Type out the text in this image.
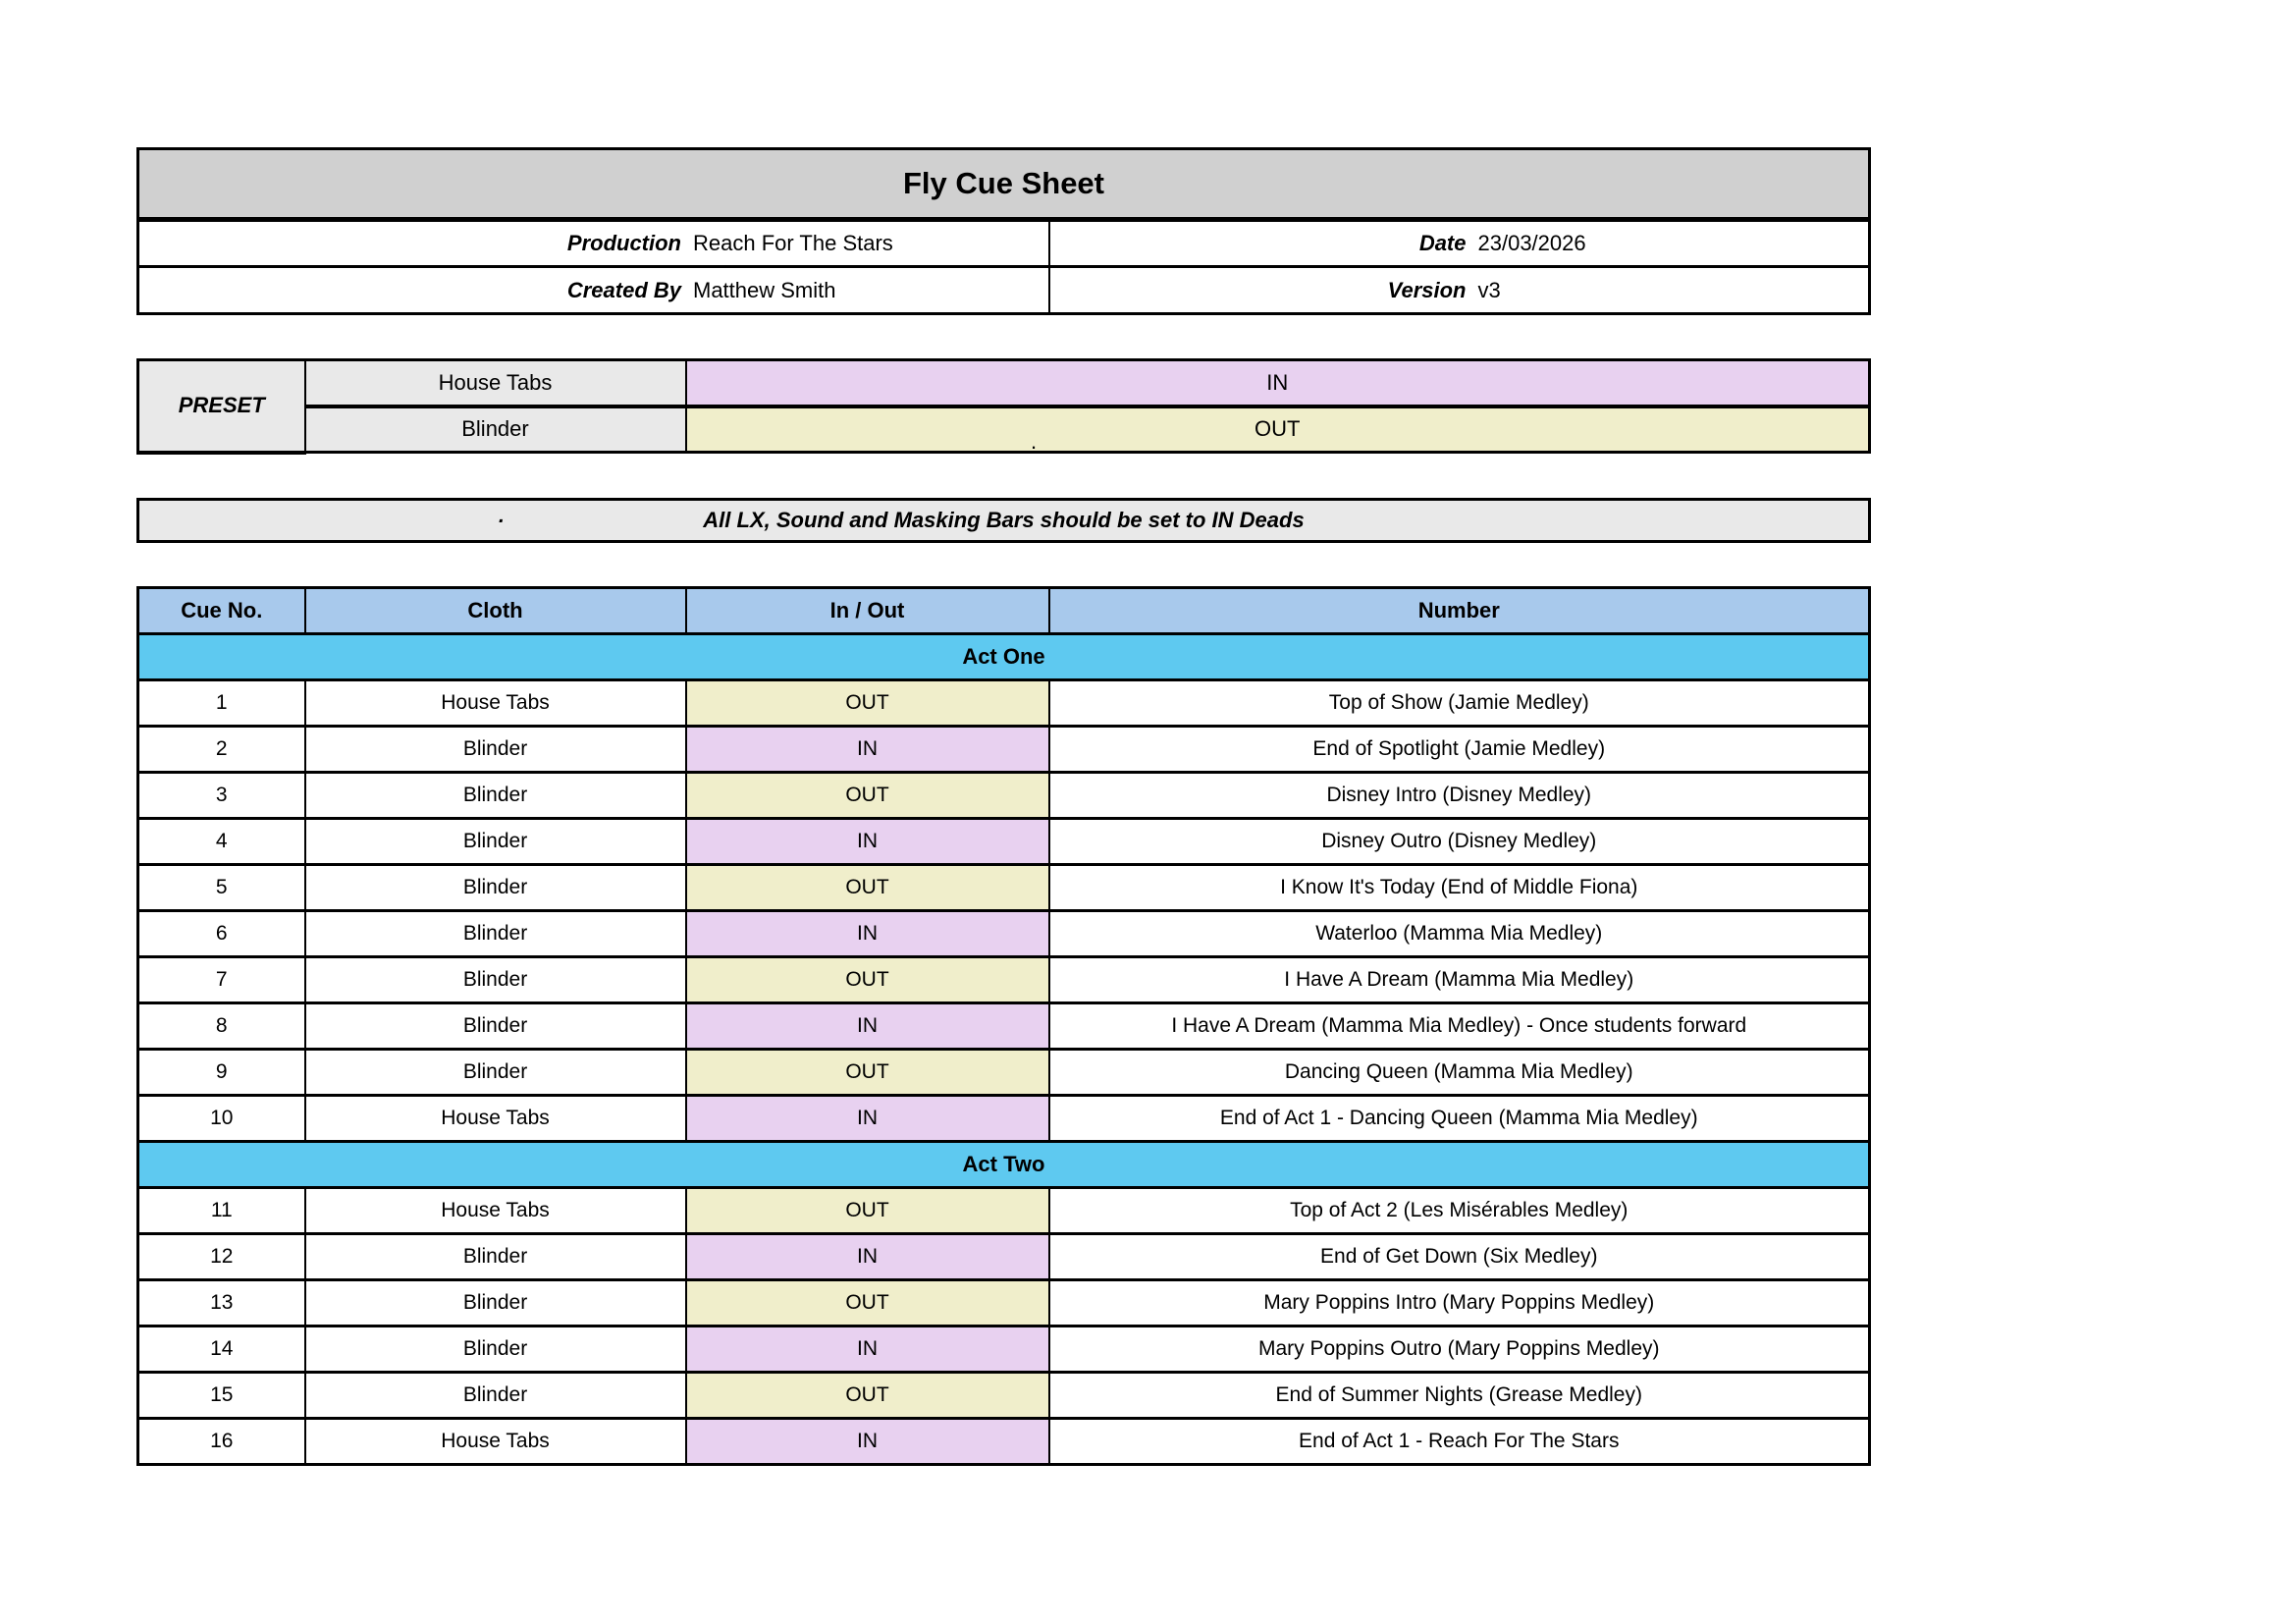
Fly Cue Sheet	

Production Reach For The Stars	Date 23/03/2026

Created By Matthew Smith	Version v3
PRESET	House Tabs	IN
	Blinder	OUT
.
.	All LX, Sound and Masking Bars should be set to IN Deads
Cue No.	Cloth	In / Out	Number
Act One			
1	House Tabs	OUT	Top of Show (Jamie Medley)
2	Blinder	IN	End of Spotlight (Jamie Medley)
3	Blinder	OUT	Disney Intro (Disney Medley)
4	Blinder	IN	Disney Outro (Disney Medley)
5	Blinder	OUT	I Know It's Today (End of Middle Fiona)
6	Blinder	IN	Waterloo (Mamma Mia Medley)
7	Blinder	OUT	I Have A Dream (Mamma Mia Medley)
8	Blinder	IN	I Have A Dream (Mamma Mia Medley) - Once students forward
9	Blinder	OUT	Dancing Queen (Mamma Mia Medley)
10	House Tabs	IN	End of Act 1 - Dancing Queen (Mamma Mia Medley)
Act Two			
11	House Tabs	OUT	Top of Act 2 (Les Misérables Medley)
12	Blinder	IN	End of Get Down (Six Medley)
13	Blinder	OUT	Mary Poppins Intro (Mary Poppins Medley)
14	Blinder	IN	Mary Poppins Outro (Mary Poppins Medley)
15	Blinder	OUT	End of Summer Nights (Grease Medley)
16	House Tabs	IN	End of Act 1 - Reach For The Stars
